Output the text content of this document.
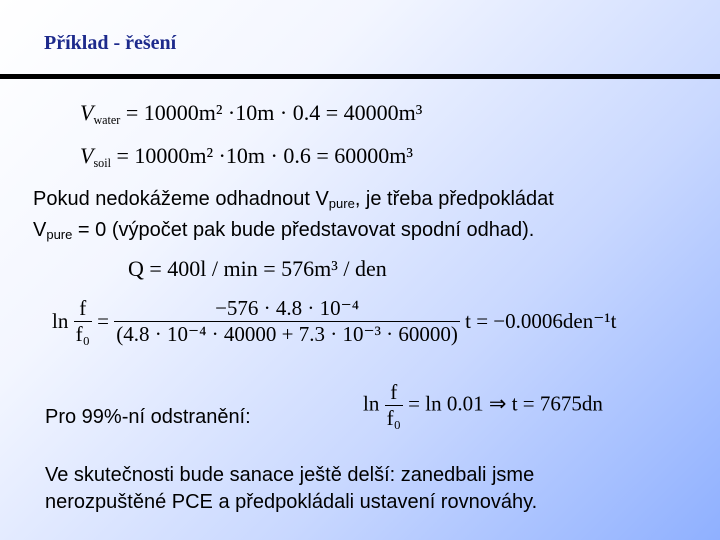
Příklad - řešení
$V_{water} = 10000m^2 \cdot 10m \cdot 0.4 = 40000m^3$
$V_{soil} = 10000m^2 \cdot 10m \cdot 0.6 = 60000m^3$
Pokud nedokážeme odhadnout $V_{pure}$, je třeba předpokládat
$V_{pure} = 0$ (výpočet pak bude představovat spodní odhad).
Q = 400l / min = 576m³ / den
$\ln \frac{f}{\text{f₀}} = \frac{\text{−576 · 4.8 · 10⁻⁴}}{\text{(4.8 · 10⁻⁴ · 40000 + 7.3 · 10⁻³ · 60000)}}$ t = −0.0006den⁻¹t
Pro 99%-ní odstranění:
$\ln \frac{f}{\text{f₀}} = \ln 0.01$ ⇒ t = 7675dn
Ve skutečnosti bude sanace ještě delší: zanedbali jsme
nerozpuštěné PCE a předpokládali ustavení rovnováhy.
